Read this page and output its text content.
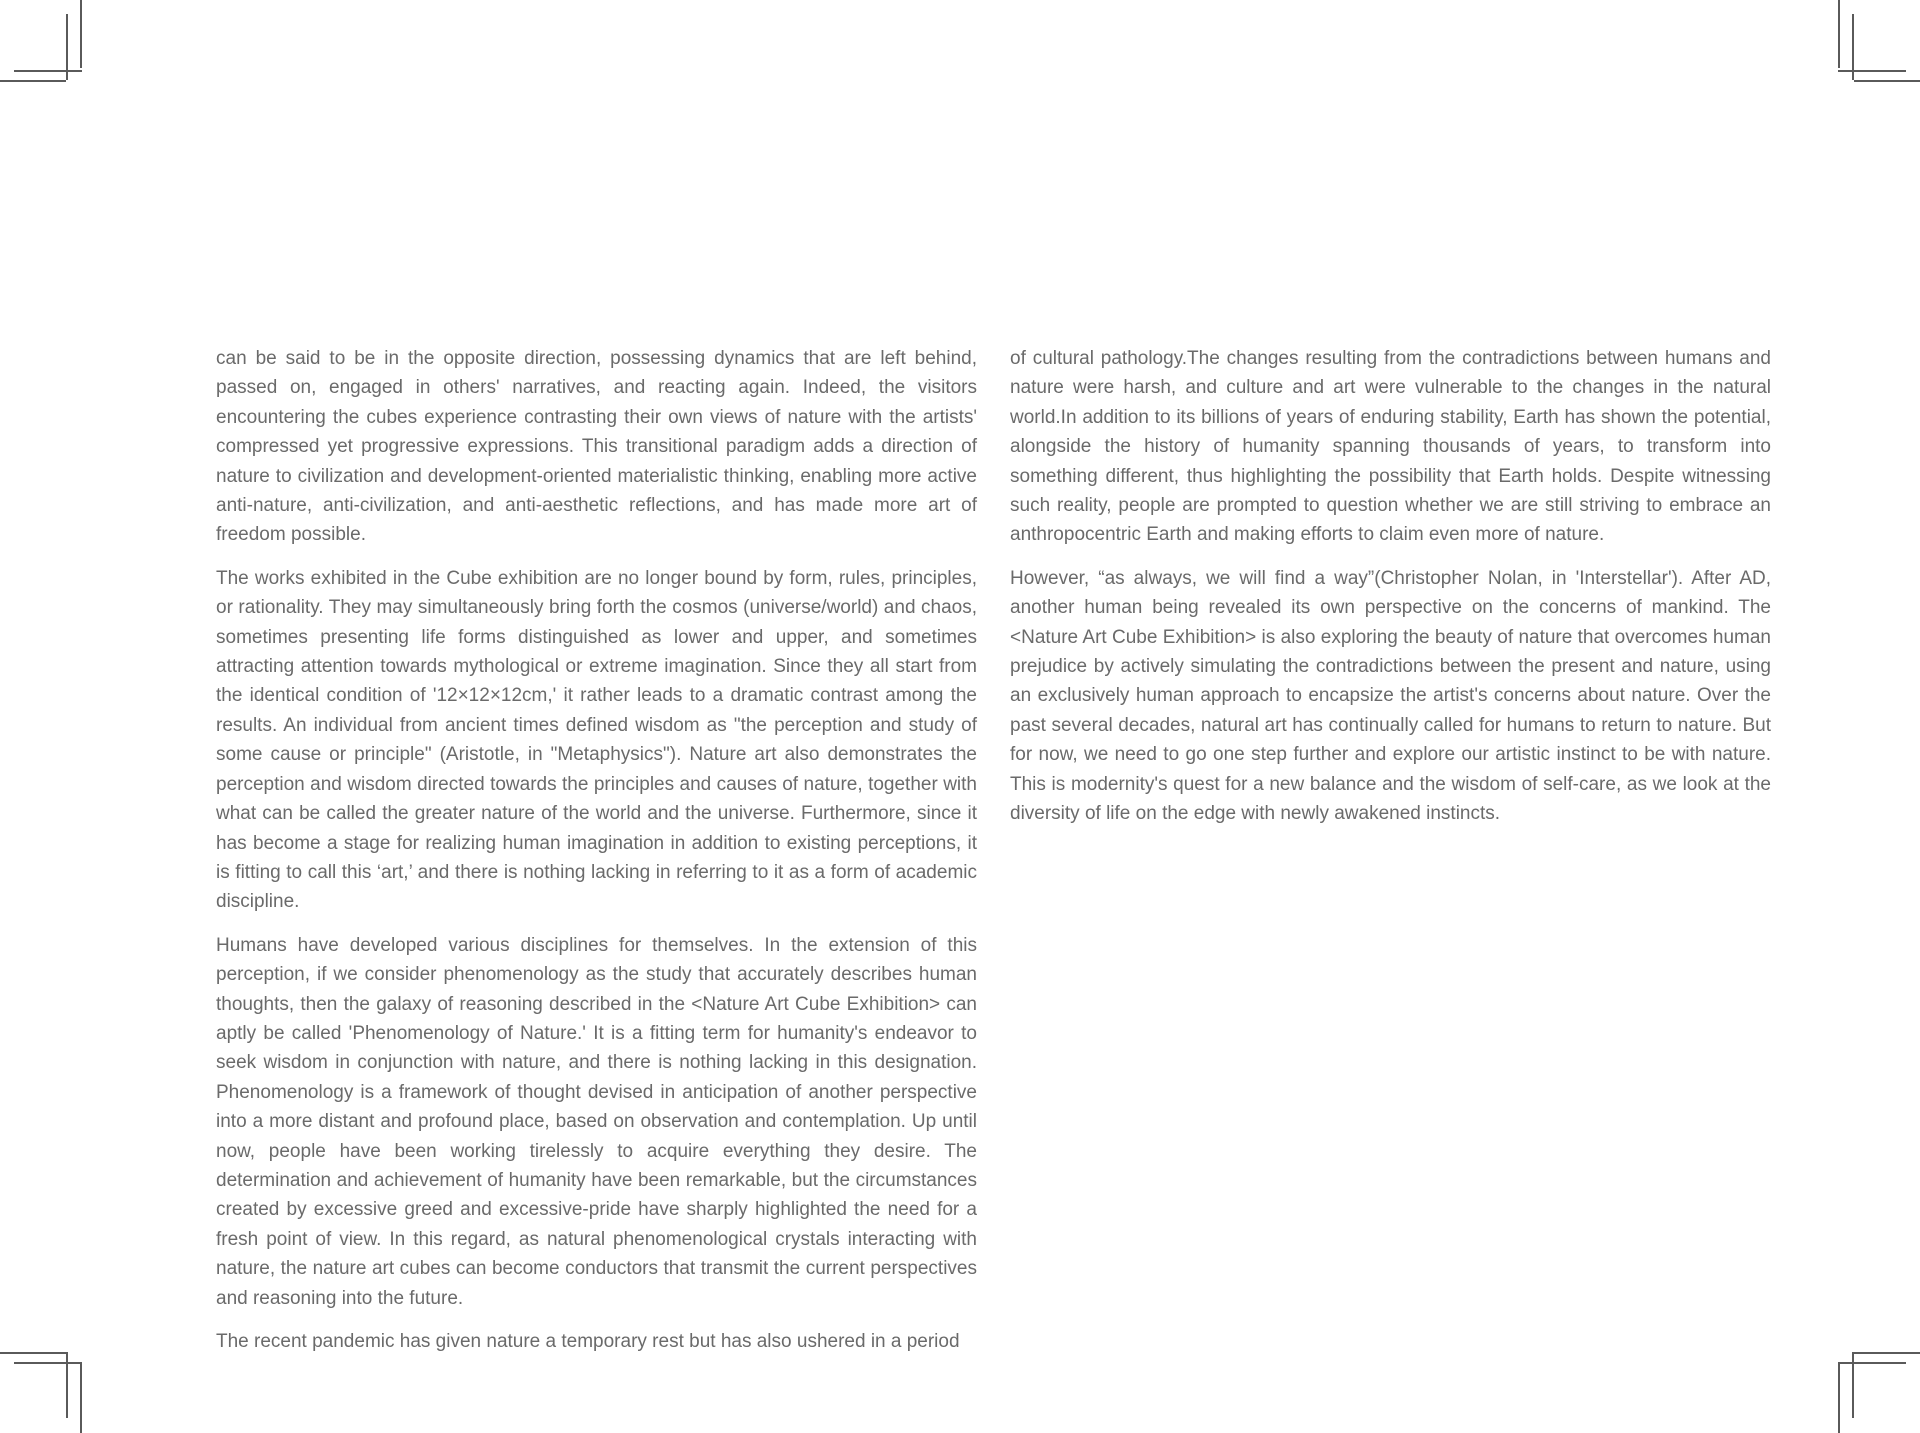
can be said to be in the opposite direction, possessing dynamics that are left behind, passed on, engaged in others' narratives, and reacting again. Indeed, the visitors encountering the cubes experience contrasting their own views of nature with the artists' compressed yet progressive expressions. This transitional paradigm adds a direction of nature to civilization and development-oriented materialistic thinking, enabling more active anti-nature, anti-civilization, and anti-aesthetic reflections, and has made more art of freedom possible.

The works exhibited in the Cube exhibition are no longer bound by form, rules, principles, or rationality. They may simultaneously bring forth the cosmos (universe/world) and chaos, sometimes presenting life forms distinguished as lower and upper, and sometimes attracting attention towards mythological or extreme imagination. Since they all start from the identical condition of '12×12×12cm,' it rather leads to a dramatic contrast among the results. An individual from ancient times defined wisdom as "the perception and study of some cause or principle" (Aristotle, in "Metaphysics"). Nature art also demonstrates the perception and wisdom directed towards the principles and causes of nature, together with what can be called the greater nature of the world and the universe. Furthermore, since it has become a stage for realizing human imagination in addition to existing perceptions, it is fitting to call this ‘art,’ and there is nothing lacking in referring to it as a form of academic discipline.

Humans have developed various disciplines for themselves. In the extension of this perception, if we consider phenomenology as the study that accurately describes human thoughts, then the galaxy of reasoning described in the <Nature Art Cube Exhibition> can aptly be called 'Phenomenology of Nature.' It is a fitting term for humanity's endeavor to seek wisdom in conjunction with nature, and there is nothing lacking in this designation. Phenomenology is a framework of thought devised in anticipation of another perspective into a more distant and profound place, based on observation and contemplation. Up until now, people have been working tirelessly to acquire everything they desire. The determination and achievement of humanity have been remarkable, but the circumstances created by excessive greed and excessive-pride have sharply highlighted the need for a fresh point of view. In this regard, as natural phenomenological crystals interacting with nature, the nature art cubes can become conductors that transmit the current perspectives and reasoning into the future.

The recent pandemic has given nature a temporary rest but has also ushered in a period

of cultural pathology.The changes resulting from the contradictions between humans and nature were harsh, and culture and art were vulnerable to the changes in the natural world.In addition to its billions of years of enduring stability, Earth has shown the potential, alongside the history of humanity spanning thousands of years, to transform into something different, thus highlighting the possibility that Earth holds. Despite witnessing such reality, people are prompted to question whether we are still striving to embrace an anthropocentric Earth and making efforts to claim even more of nature.

However, “as always, we will find a way”(Christopher Nolan, in 'Interstellar'). After AD, another human being revealed its own perspective on the concerns of mankind. The <Nature Art Cube Exhibition> is also exploring the beauty of nature that overcomes human prejudice by actively simulating the contradictions between the present and nature, using an exclusively human approach to encapsize the artist's concerns about nature. Over the past several decades, natural art has continually called for humans to return to nature. But for now, we need to go one step further and explore our artistic instinct to be with nature. This is modernity's quest for a new balance and the wisdom of self-care, as we look at the diversity of life on the edge with newly awakened instincts.
